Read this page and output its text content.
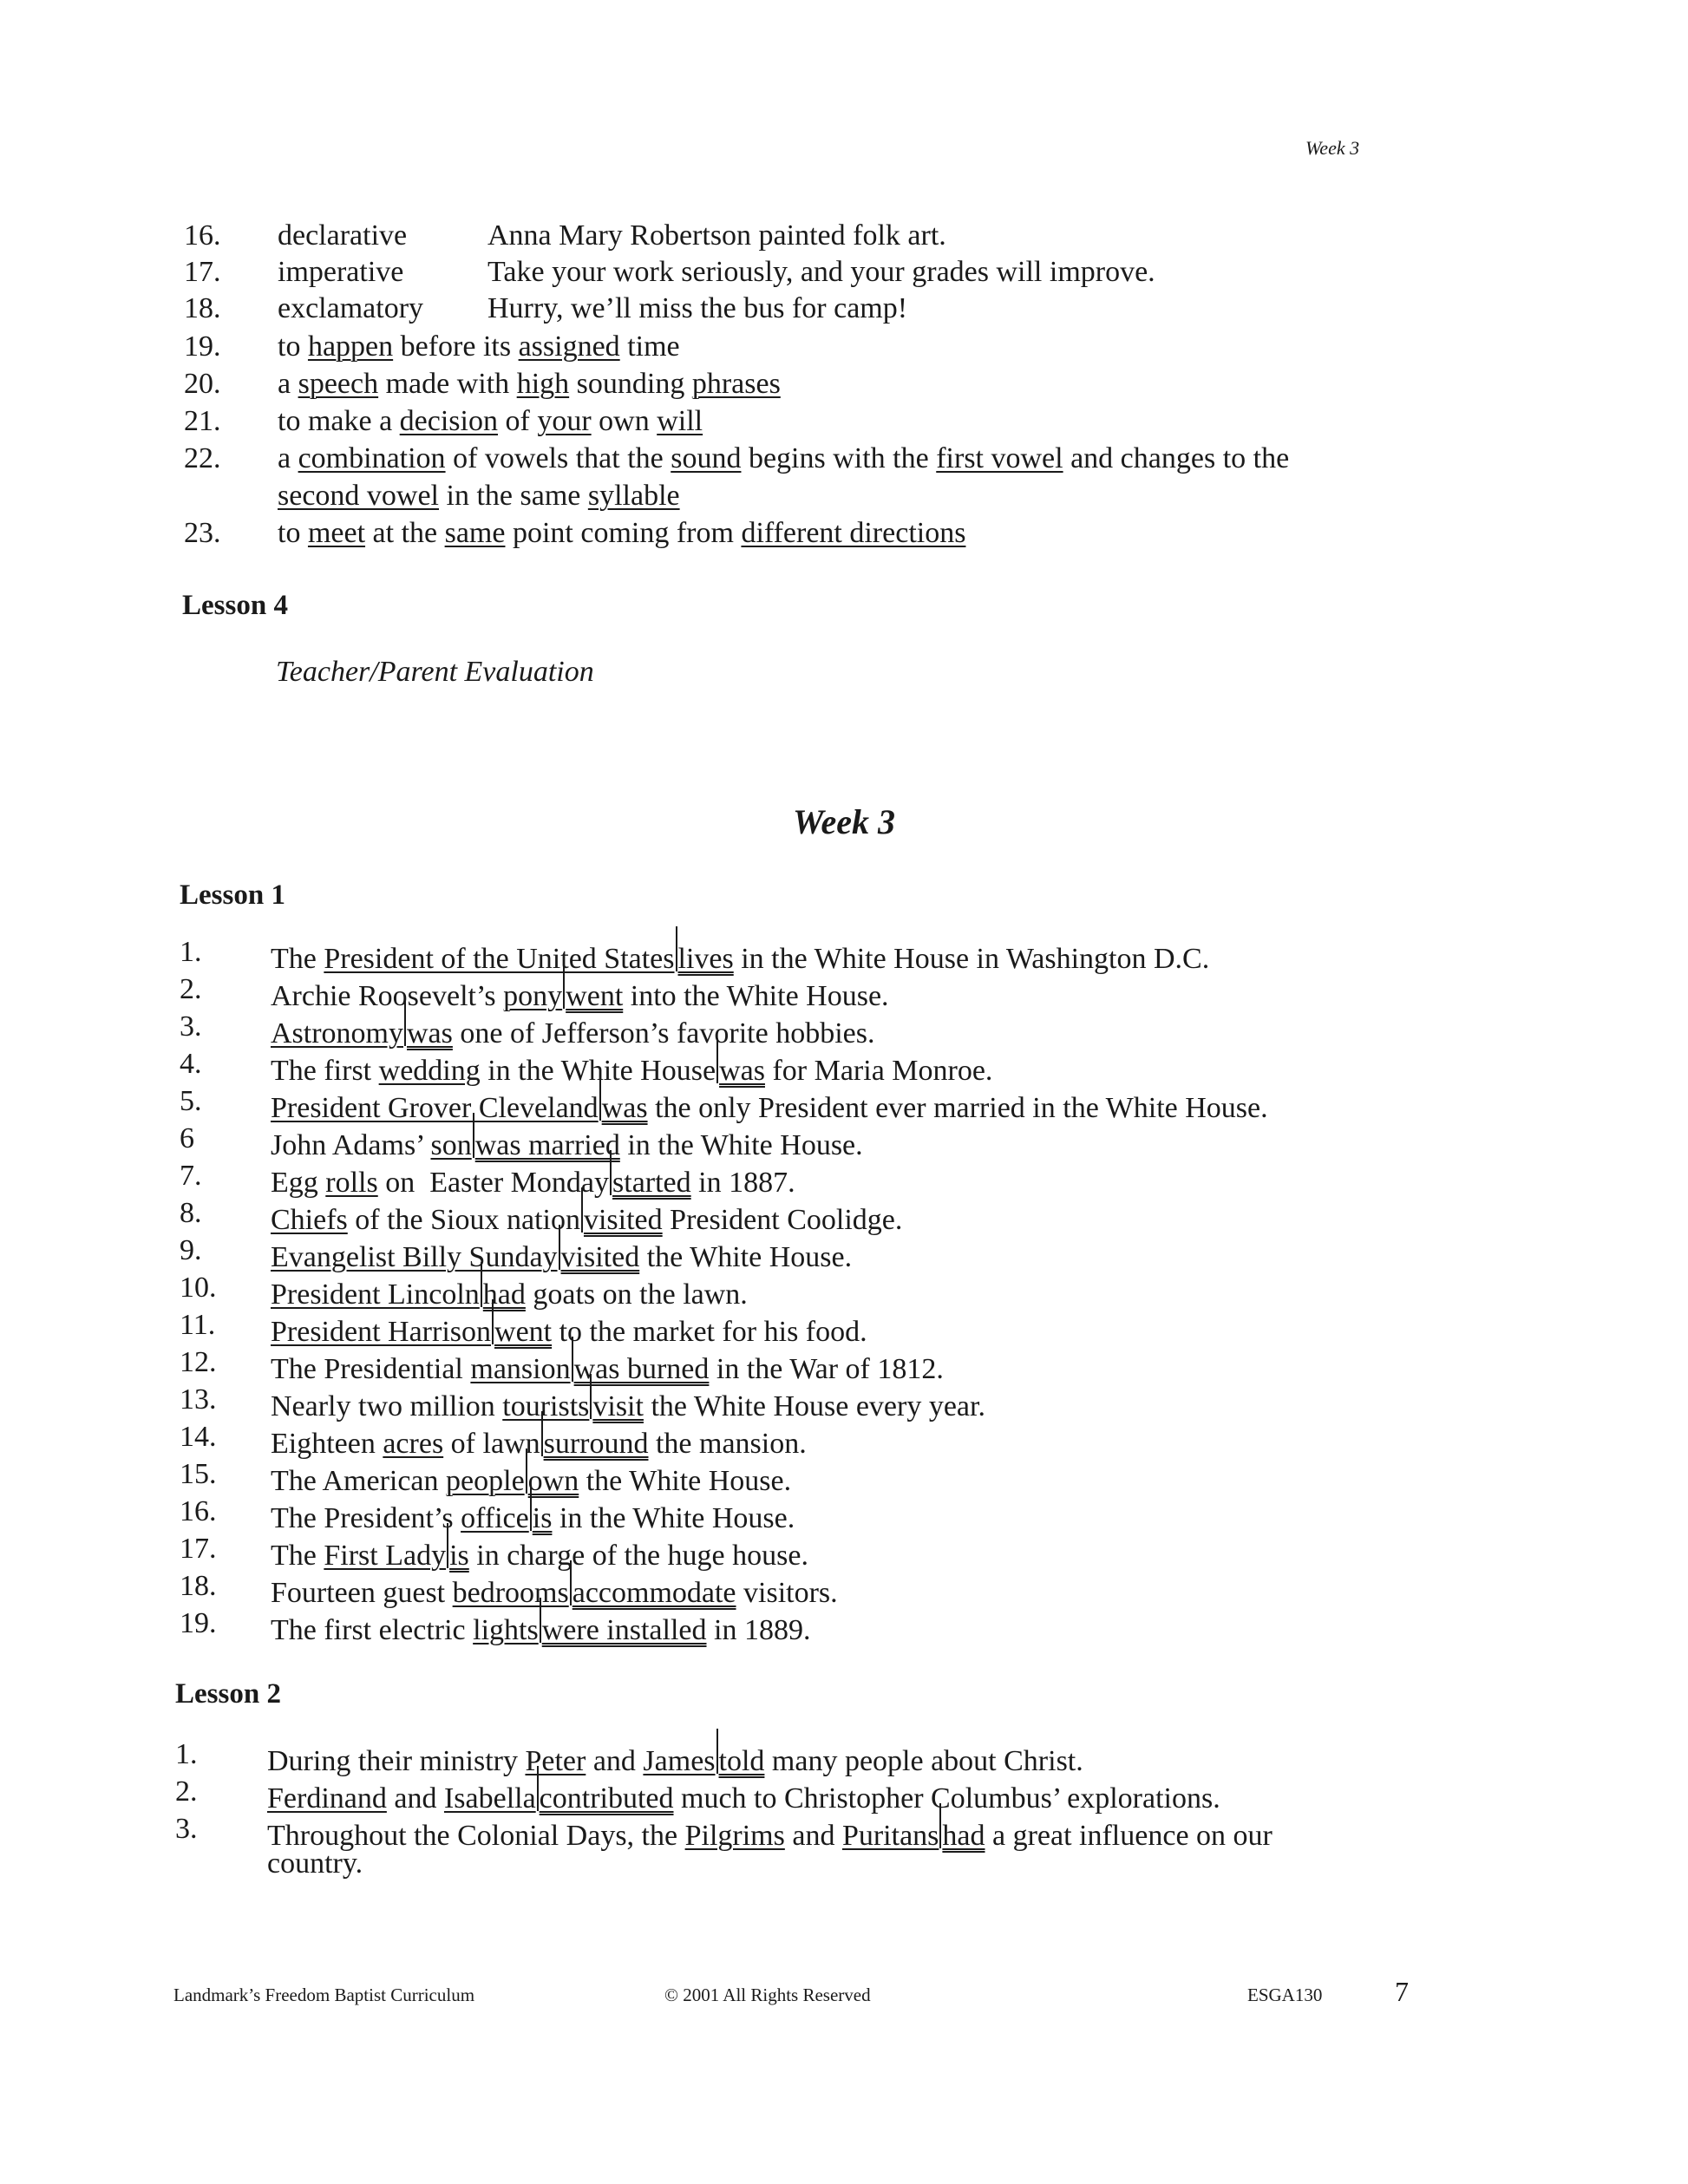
Week 3
16.	declarative	Anna Mary Robertson painted folk art.
17.	imperative	Take your work seriously, and your grades will improve.
18.	exclamatory Hurry, we’ll miss the bus for camp!
19.	to happen before its assigned time
20.	a speech made with high sounding phrases
21.	to make a decision of your own will
22.	a combination of vowels that the sound begins with the first vowel and changes to the
second vowel in the same syllable
23.	to meet at the same point coming from different directions
Lesson 4
Teacher/Parent Evaluation
Week 3
Lesson 1
1.	The President of the United States lives in the White House in Washington D.C.
2.	Archie Roosevelt’s pony went into the White House.
3.	Astronomy was one of Jefferson’s favorite hobbies.
4.	The first wedding in the White House was for Maria Monroe.
5.	President Grover Cleveland was the only President ever married in the White House.
6	John Adams’ son was married in the White House.
7.	Egg rolls on  Easter Monday started in 1887.
8.	Chiefs of the Sioux nation visited President Coolidge.
9.	Evangelist Billy Sunday visited the White House.
10.	President Lincoln had goats on the lawn.
11.	President Harrison went to the market for his food.
12.	The Presidential mansion was burned in the War of 1812.
13.	Nearly two million tourists visit the White House every year.
14.	Eighteen acres of lawn surround the mansion.
15.	The American people own the White House.
16.	The President’s office is in the White House.
17.	The First Lady is in charge of the huge house.
18.	Fourteen guest bedrooms accommodate visitors.
19.	The first electric lights were installed in 1889.
Lesson 2
1.	During their ministry Peter and James told many people about Christ.
2.	Ferdinand and Isabella contributed much to Christopher Columbus’ explorations.
3.	Throughout the Colonial Days, the Pilgrims and Puritans had a great influence on our
country.
Landmark’s Freedom Baptist Curriculum	© 2001 All Rights Reserved	ESGA130	7
